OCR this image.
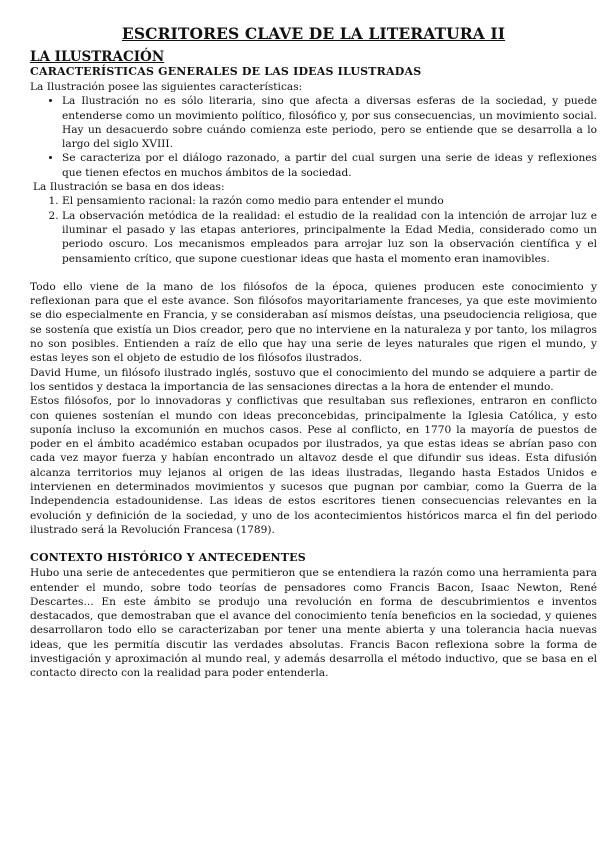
ESCRITORES CLAVE DE LA LITERATURA II
LA ILUSTRACIÓN
CARACTERÍSTICAS GENERALES DE LAS IDEAS ILUSTRADAS

La Ilustración posee las siguientes características:

• La Ilustración no es sólo literaria, sino que afecta a diversas esferas de la sociedad, y puede entenderse como un movimiento político, filosófico y, por sus consecuencias, un movimiento social. Hay un desacuerdo sobre cuándo comienza este periodo, pero se entiende que se desarrolla a lo largo del siglo XVIII.
• Se caracteriza por el diálogo razonado, a partir del cual surgen una serie de ideas y reflexiones que tienen efectos en muchos ámbitos de la sociedad.

La Ilustración se basa en dos ideas:

1. El pensamiento racional: la razón como medio para entender el mundo
2. La observación metódica de la realidad: el estudio de la realidad con la intención de arrojar luz e iluminar el pasado y las etapas anteriores, principalmente la Edad Media, considerado como un periodo oscuro. Los mecanismos empleados para arrojar luz son la observación científica y el pensamiento crítico, que supone cuestionar ideas que hasta el momento eran inamovibles.

Todo ello viene de la mano de los filósofos de la época, quienes producen este conocimiento y reflexionan para que el este avance. Son filósofos mayoritariamente franceses, ya que este movimiento se dio especialmente en Francia, y se consideraban así mismos deístas, una pseudociencia religiosa, que se sostenía que existía un Dios creador, pero que no interviene en la naturaleza y por tanto, los milagros no son posibles. Entienden a raíz de ello que hay una serie de leyes naturales que rigen el mundo, y estas leyes son el objeto de estudio de los filósofos ilustrados.

David Hume, un filósofo ilustrado inglés, sostuvo que el conocimiento del mundo se adquiere a partir de los sentidos y destaca la importancia de las sensaciones directas a la hora de entender el mundo.

Estos filósofos, por lo innovadoras y conflictivas que resultaban sus reflexiones, entraron en conflicto con quienes sostenían el mundo con ideas preconcebidas, principalmente la Iglesia Católica, y esto suponía incluso la excomunión en muchos casos. Pese al conflicto, en 1770 la mayoría de puestos de poder en el ámbito académico estaban ocupados por ilustrados, ya que estas ideas se abrían paso con cada vez mayor fuerza y habían encontrado un altavoz desde el que difundir sus ideas. Esta difusión alcanza territorios muy lejanos al origen de las ideas ilustradas, llegando hasta Estados Unidos e intervienen en determinados movimientos y sucesos que pugnan por cambiar, como la Guerra de la Independencia estadounidense. Las ideas de estos escritores tienen consecuencias relevantes en la evolución y definición de la sociedad, y uno de los acontecimientos históricos marca el fin del periodo ilustrado será la Revolución Francesa (1789).

CONTEXTO HISTÓRICO Y ANTECEDENTES

Hubo una serie de antecedentes que permitieron que se entendiera la razón como una herramienta para entender el mundo, sobre todo teorías de pensadores como Francis Bacon, Isaac Newton, René Descartes... En este ámbito se produjo una revolución en forma de descubrimientos e inventos destacados, que demostraban que el avance del conocimiento tenía beneficios en la sociedad, y quienes desarrollaron todo ello se caracterizaban por tener una mente abierta y una tolerancia hacia nuevas ideas, que les permitía discutir las verdades absolutas. Francis Bacon reflexiona sobre la forma de investigación y aproximación al mundo real, y además desarrolla el método inductivo, que se basa en el contacto directo con la realidad para poder entenderla.
